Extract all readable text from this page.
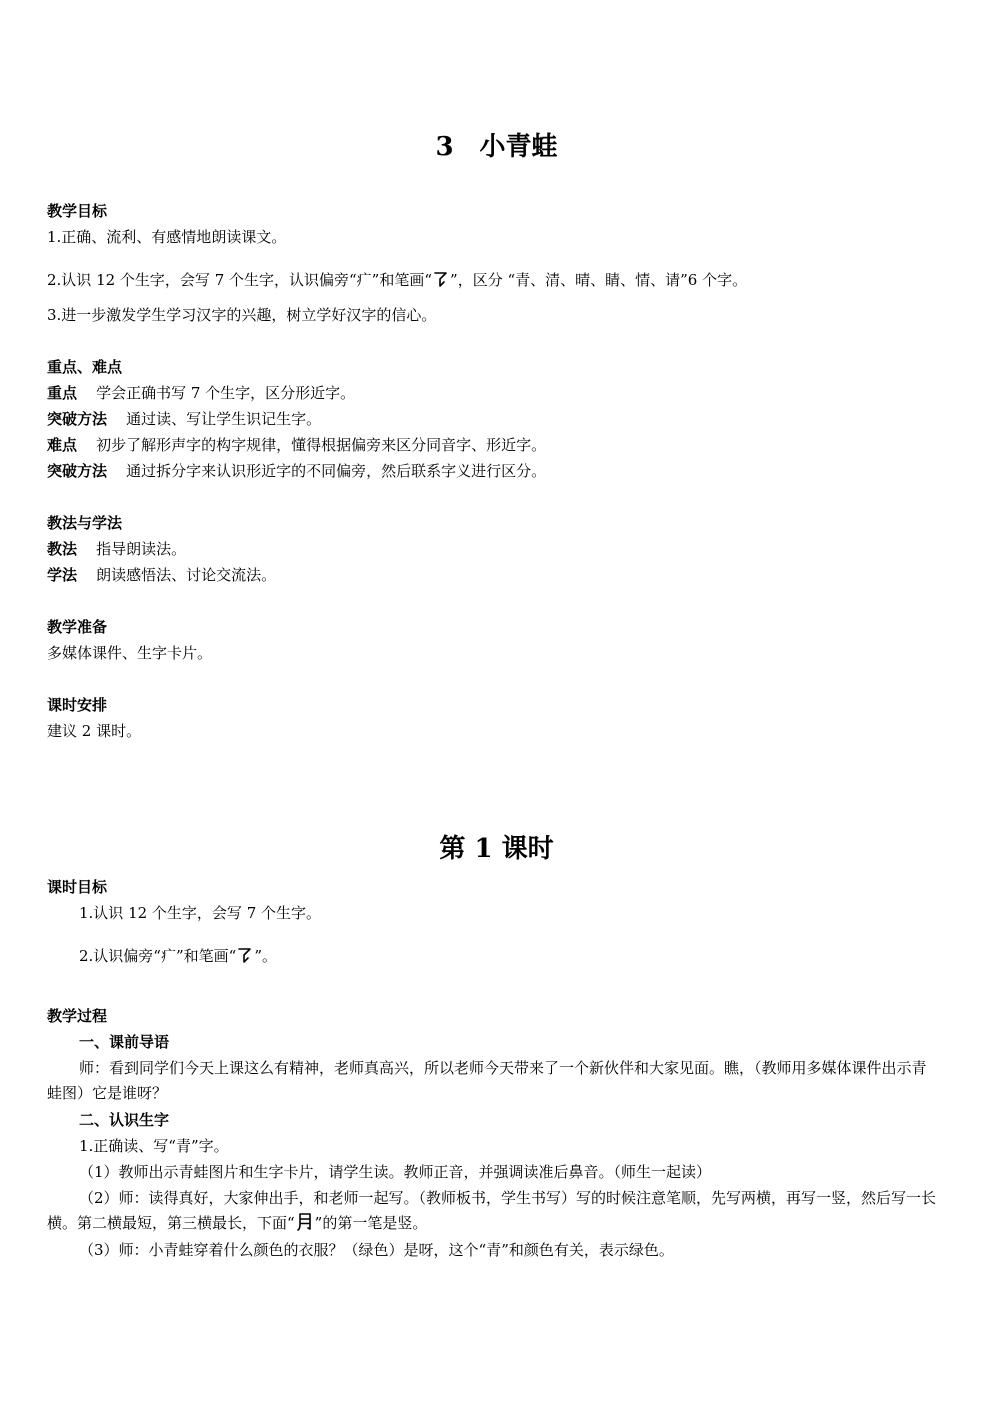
3　小青蛙
教学目标
1.正确、流利、有感情地朗读课文。
2.认识 12 个生字，会写 7 个生字，认识偏旁“疒”和笔画“ ”，区分 “青、清、晴、睛、情、请”6 个字。
3.进一步激发学生学习汉字的兴趣，树立学好汉字的信心。
重点、难点
重点 学会正确书写 7 个生字，区分形近字。
突破方法 通过读、写让学生识记生字。
难点 初步了解形声字的构字规律，懂得根据偏旁来区分同音字、形近字。
突破方法 通过拆分字来认识形近字的不同偏旁，然后联系字义进行区分。
教法与学法
教法 指导朗读法。
学法 朗读感悟法、讨论交流法。
教学准备
多媒体课件、生字卡片。
课时安排
建议 2 课时。
第 1 课时
课时目标
1.认识 12 个生字，会写 7 个生字。
2.认识偏旁“疒”和笔画“ ”。
教学过程
一、课前导语
师：看到同学们今天上课这么有精神，老师真高兴，所以老师今天带来了一个新伙伴和大家见面。瞧，（教师用多媒体课件出示青蛙图）它是谁呀？
二、认识生字
1.正确读、写“青”字。
（1）教师出示青蛙图片和生字卡片，请学生读。教师正音，并强调读准后鼻音。（师生一起读）
（2）师：读得真好，大家伸出手，和老师一起写。（教师板书，学生书写）写的时候注意笔顺，先写两横，再写一竖，然后写一长横。第二横最短，第三横最长，下面“ ”的第一笔是竖。
（3）师：小青蛙穿着什么颜色的衣服？（绿色）是呀，这个“青”和颜色有关，表示绿色。
